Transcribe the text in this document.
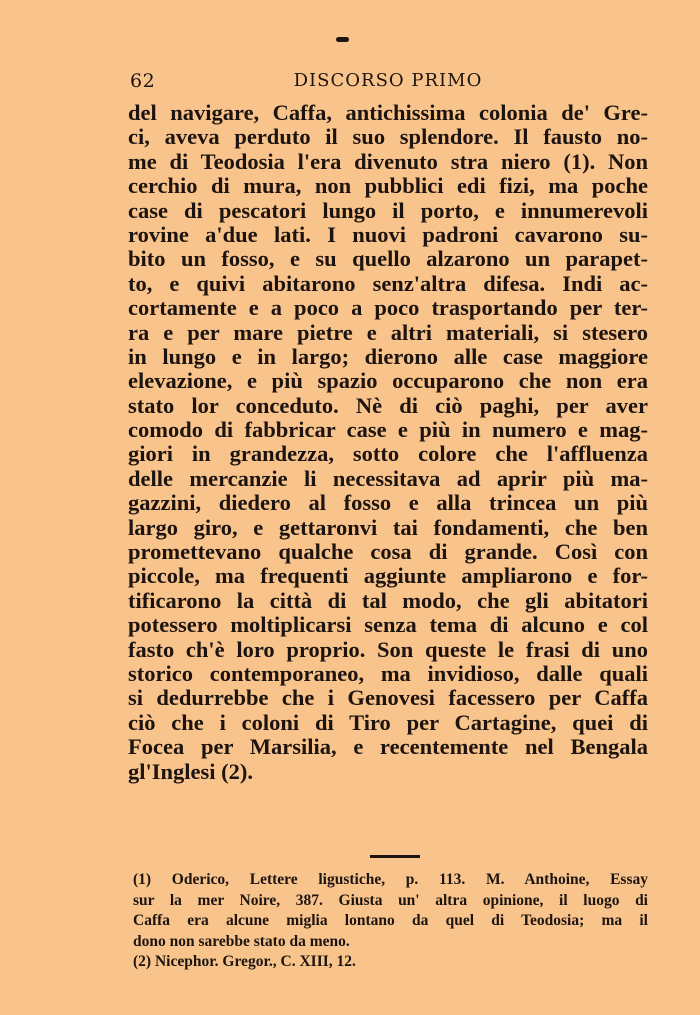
62	DISCORSO PRIMO
del navigare, Caffa, antichissima colonia de' Gre-
ci, aveva perduto il suo splendore. Il fausto no-
me di Teodosia l'era divenuto stra niero (1). Non
cerchio di mura, non pubblici edi fizi, ma poche
case di pescatori lungo il porto, e innumerevoli
rovine a'due lati. I nuovi padroni cavarono su-
bito un fosso, e su quello alzarono un parapet-
to, e quivi abitarono senz'altra difesa. Indi ac-
cortamente e a poco a poco trasportando per ter-
ra e per mare pietre e altri materiali, si stesero
in lungo e in largo; dierono alle case maggiore
elevazione, e più spazio occuparono che non era
stato lor conceduto. Nè di ciò paghi, per aver
comodo di fabbricar case e più in numero e mag-
giori in grandezza, sotto colore che l'affluenza
delle mercanzie li necessitava ad aprir più ma-
gazzini, diedero al fosso e alla trincea un più
largo giro, e gettaronvi tai fondamenti, che ben
promettevano qualche cosa di grande. Così con
piccole, ma frequenti aggiunte ampliarono e for-
tificarono la città di tal modo, che gli abitatori
potessero moltiplicarsi senza tema di alcuno e col
fasto ch'è loro proprio. Son queste le frasi di uno
storico contemporaneo, ma invidioso, dalle quali
si dedurrebbe che i Genovesi facessero per Caffa
ciò che i coloni di Tiro per Cartagine, quei di
Focea per Marsilia, e recentemente nel Bengala
gl'Inglesi (2).
(1) Oderico, Lettere ligustiche, p. 113. M. Anthoine, Essay
sur la mer Noire, 387. Giusta un' altra opinione, il luogo di
Caffa era alcune miglia lontano da quel di Teodosia; ma il
dono non sarebbe stato da meno.
(2) Nicephor. Gregor., C. XIII, 12.
